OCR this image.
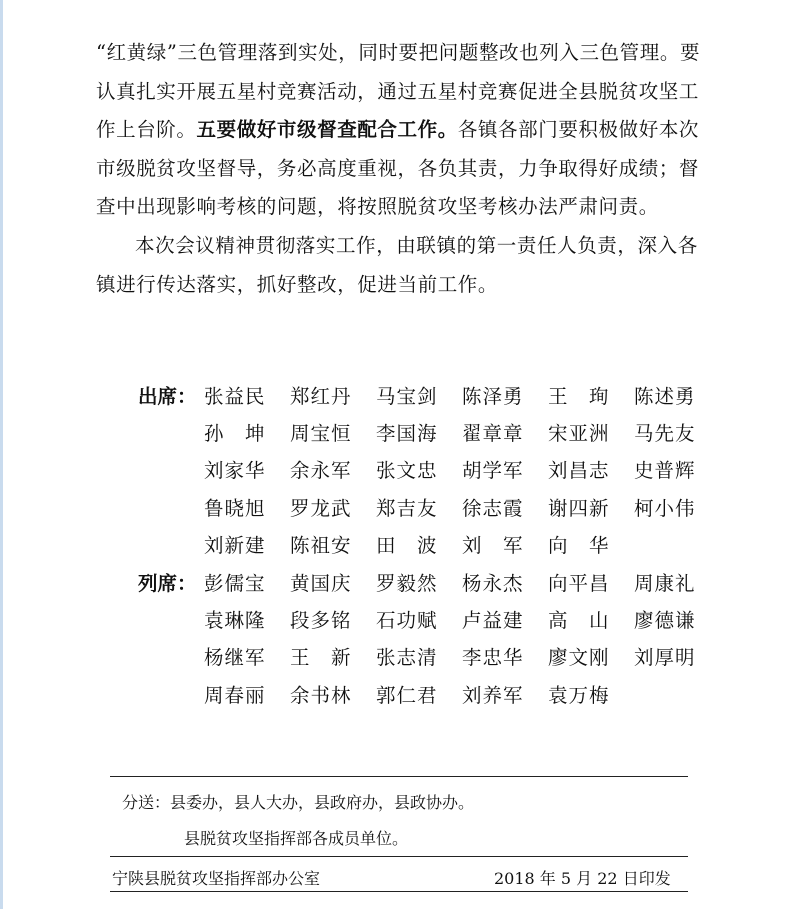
“红黄绿”三色管理落到实处，同时要把问题整改也列入三色管理。要认真扎实开展五星村竞赛活动，通过五星村竞赛促进全县脱贫攻坚工作上台阶。五要做好市级督查配合工作。各镇各部门要积极做好本次市级脱贫攻坚督导，务必高度重视，各负其责，力争取得好成绩；督查中出现影响考核的问题，将按照脱贫攻坚考核办法严肃问责。

本次会议精神贯彻落实工作，由联镇的第一责任人负责，深入各镇进行传达落实，抓好整改，促进当前工作。

出席： 张益民	郑红丹	马宝剑	陈泽勇	王　珣	陈述勇
孙　坤	周宝恒	李国海	翟章章	宋亚洲	马先友
刘家华	余永军	张文忠	胡学军	刘昌志	史普辉
鲁晓旭	罗龙武	郑吉友	徐志霞	谢四新	柯小伟
刘新建	陈祖安	田　波	刘　军	向　华
列席： 彭儒宝	黄国庆	罗毅然	杨永杰	向平昌	周康礼
袁琳隆	段多铭	石功赋	卢益建	高　山	廖德谦
杨继军	王　新	张志清	李忠华	廖文刚	刘厚明
周春丽	余书林	郭仁君	刘养军	袁万梅
分送：县委办，县人大办，县政府办，县政协办。
县脱贫攻坚指挥部各成员单位。
宁陕县脱贫攻坚指挥部办公室	2018 年 5 月 22 日印发
